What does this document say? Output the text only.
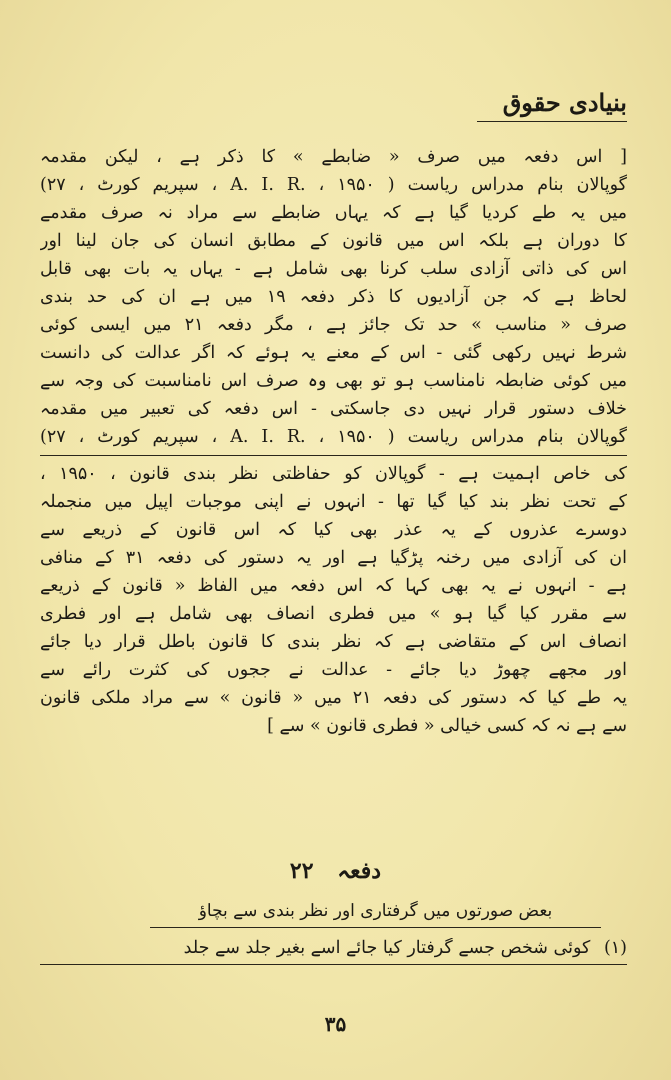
بنیادی حقوق
[ اس دفعہ میں صرف « ضابطے » کا ذکر ہے ، لیکن مقدمہ
گوپالان بنام مدراس ریاست ( A. I. R. ، ۱۹۵۰ ، سپریم کورٹ ، ۲۷)
میں یہ طے کردیا گیا ہے کہ یہاں ضابطے سے مراد نہ صرف مقدمے
کا دوران ہے بلکہ اس میں قانون کے مطابق انسان کی جان لینا اور
اس کی ذاتی آزادی سلب کرنا بھی شامل ہے - یہاں یہ بات بھی قابل
لحاظ ہے کہ جن آزادیوں کا ذکر دفعہ ۱۹ میں ہے ان کی حد بندی
صرف « مناسب » حد تک جائز ہے ، مگر دفعہ ۲۱ میں ایسی کوئی
شرط نہیں رکھی گئی - اس کے معنے یہ ہوئے کہ اگر عدالت کی دانست
میں کوئی ضابطہ نامناسب ہو تو بھی وہ صرف اس نامناسبت کی وجہ سے
خلاف دستور قرار نہیں دی جاسکتی - اس دفعہ کی تعبیر میں مقدمہ
گوپالان بنام مدراس ریاست ( A. I. R. ، ۱۹۵۰ ، سپریم کورٹ ، ۲۷)
کی خاص اہمیت ہے - گوپالان کو حفاظتی نظر بندی قانون ، ۱۹۵۰ ،
کے تحت نظر بند کیا گیا تھا - انہوں نے اپنی موجبات اپیل میں منجملہ
دوسرے عذروں کے یہ عذر بھی کیا کہ اس قانون کے ذریعے سے
ان کی آزادی میں رخنہ پڑگیا ہے اور یہ دستور کی دفعہ ۳۱ کے منافی
ہے - انہوں نے یہ بھی کہا کہ اس دفعہ میں الفاظ « قانون کے ذریعے
سے مقرر کیا گیا ہو » میں فطری انصاف بھی شامل ہے اور فطری
انصاف اس کے متقاضی ہے کہ نظر بندی کا قانون باطل قرار دیا جائے
اور مجھے چھوڑ دیا جائے - عدالت نے ججوں کی کثرت رائے سے
یہ طے کیا کہ دستور کی دفعہ ۲۱ میں « قانون » سے مراد ملکی قانون
سے ہے نہ کہ کسی خیالی « فطری قانون » سے ]
دفعہ ۲۲
بعض صورتوں میں گرفتاری اور نظر بندی سے بچاؤ
(۱) کوئی شخص جسے گرفتار کیا جائے اسے بغیر جلد سے جلد
۳۵
